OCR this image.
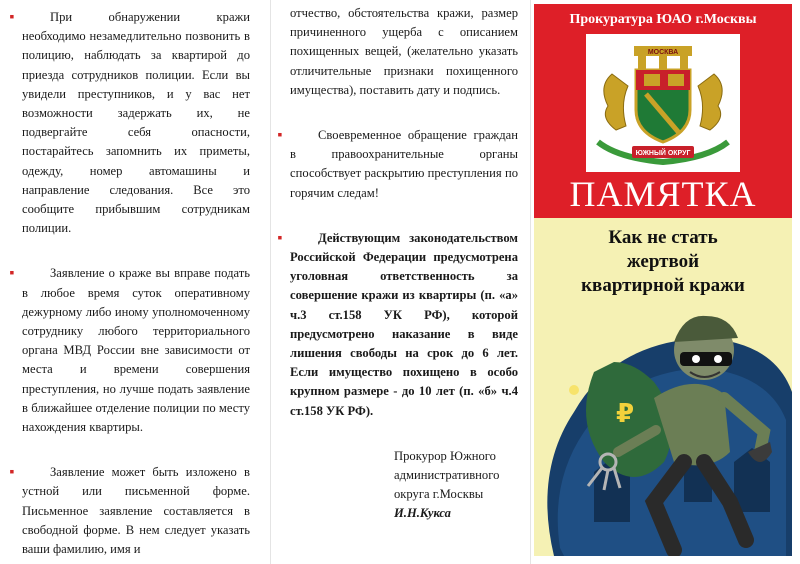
▪	При обнаружении кражи необходимо незамедлительно позвонить в полицию, наблюдать за квартирой до приезда сотрудников полиции. Если вы увидели преступников, и у вас нет возможности задержать их, не подвергайте себя опасности, постарайтесь запомнить их приметы, одежду, номер автомашины и направление следования. Все это сообщите прибывшим сотрудникам полиции.

▪	Заявление о краже вы вправе подать в любое время суток оперативному дежурному либо иному уполномоченному сотруднику любого территориального органа МВД России вне зависимости от места и времени совершения преступления, но лучше подать заявление в ближайшее отделение полиции по месту нахождения квартиры.

▪	Заявление может быть изложено в устной или письменной форме. Письменное заявление составляется в свободной форме. В нем следует указать ваши фамилию, имя и

отчество, обстоятельства кражи, размер причиненного ущерба с описанием похищенных вещей, (желательно указать отличительные признаки похищенного имущества), поставить дату и подпись.

▪	Своевременное обращение граждан в правоохранительные органы способствует раскрытию преступления по горячим следам!

▪	Действующим законодательством Российской Федерации предусмотрена уголовная ответственность за совершение кражи из квартиры (п. «а» ч.3 ст.158 УК РФ), которой предусмотрено наказание в виде лишения свободы на срок до 6 лет. Если имущество похищено в особо крупном размере - до 10 лет (п. «б» ч.4 ст.158 УК РФ).

Прокурор Южного
административного
округа г.Москвы
И.Н.Кукса
Прокуратура ЮАО г.Москвы
МОСКВА
ЮЖНЫЙ ОКРУГ
ПАМЯТКА
Как не стать
жертвой
квартирной кражи
₽
